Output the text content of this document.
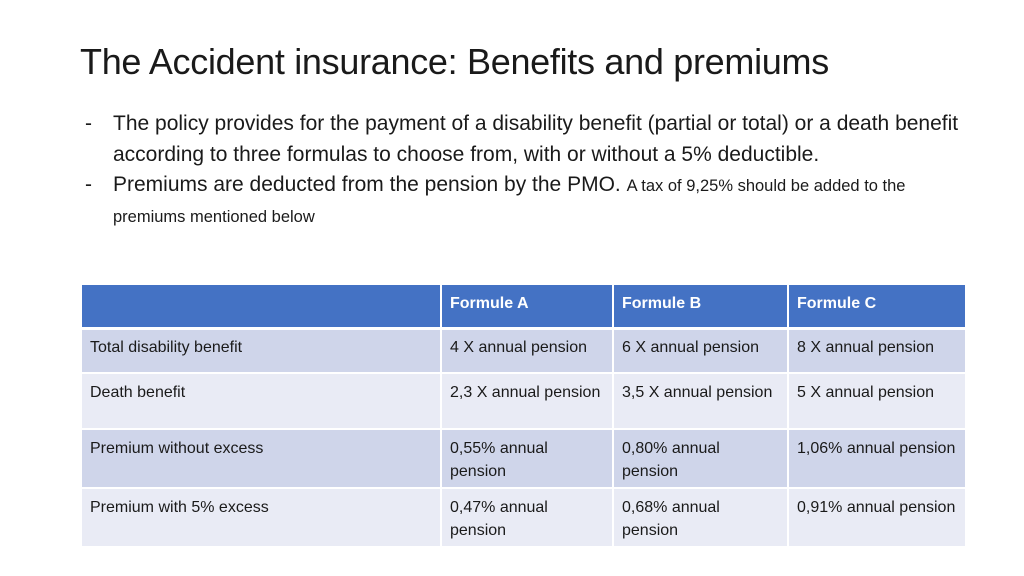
The Accident insurance: Benefits and premiums
- The policy provides for the payment of a disability benefit (partial or total) or a death benefit according to three formulas to choose from, with or without a 5% deductible.
- Premiums are deducted from the pension by the PMO. A tax of 9,25% should be added to the premiums mentioned below
	Formule A	Formule B	Formule C
Total disability benefit	4 X annual pension	6 X annual pension	8 X annual pension
Death benefit	2,3 X annual pension	3,5 X annual pension	5 X annual pension
Premium without excess	0,55% annual pension	0,80% annual pension	1,06% annual pension
Premium with 5% excess	0,47% annual pension	0,68% annual pension	0,91% annual pension
